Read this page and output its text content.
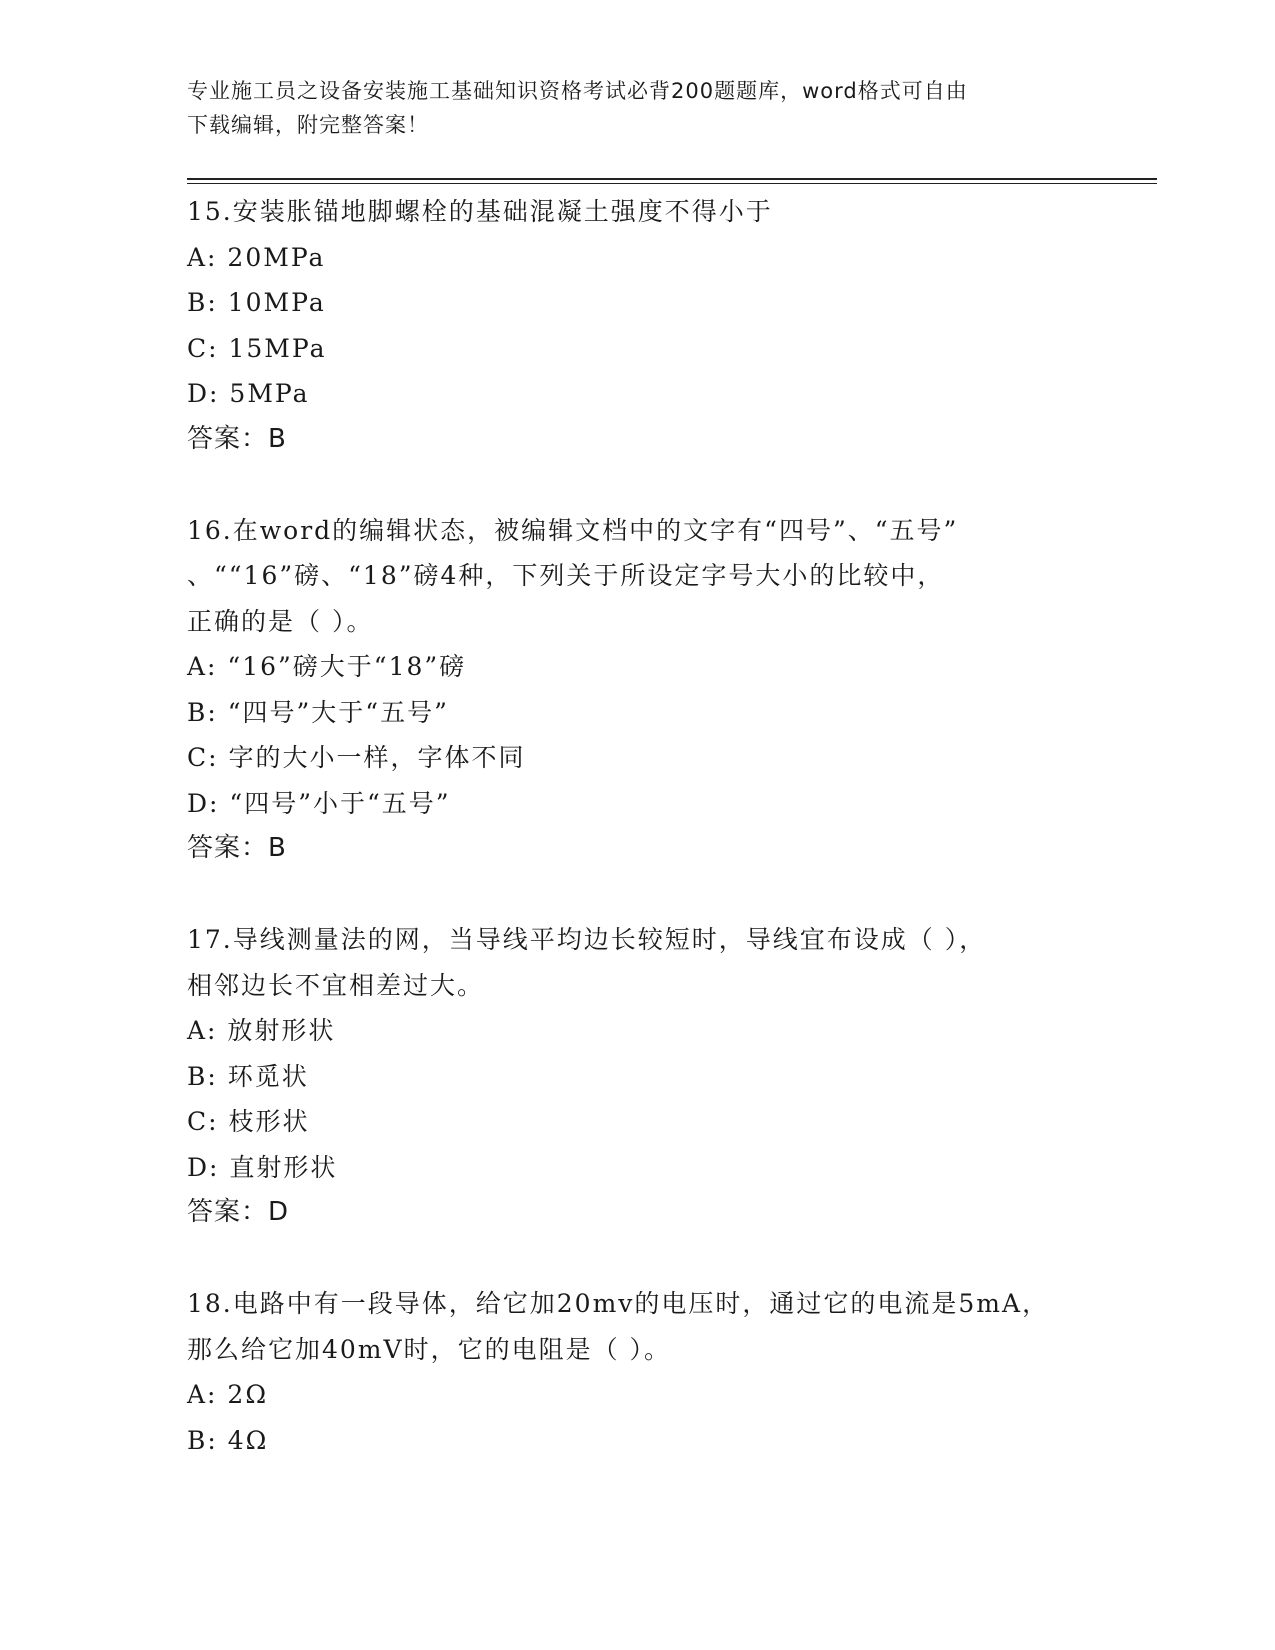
专业施工员之设备安装施工基础知识资格考试必背200题题库，word格式可自由
下载编辑，附完整答案！
15.安装胀锚地脚螺栓的基础混凝土强度不得小于
A: 20MPa
B: 10MPa
C: 15MPa
D: 5MPa
答案：B
16.在word的编辑状态，被编辑文档中的文字有“四号”、“五号”
、““16”磅、“18”磅4种，下列关于所设定字号大小的比较中，
正确的是（ ）。
A: “16”磅大于“18”磅
B: “四号”大于“五号”
C: 字的大小一样，字体不同
D: “四号”小于“五号”
答案：B
17.导线测量法的网，当导线平均边长较短时，导线宜布设成（ ），
相邻边长不宜相差过大。
A: 放射形状
B: 环觅状
C: 枝形状
D: 直射形状
答案：D
18.电路中有一段导体，给它加20mv的电压时，通过它的电流是5mA，
那么给它加40mV时，它的电阻是（ ）。
A: 2Ω
B: 4Ω
